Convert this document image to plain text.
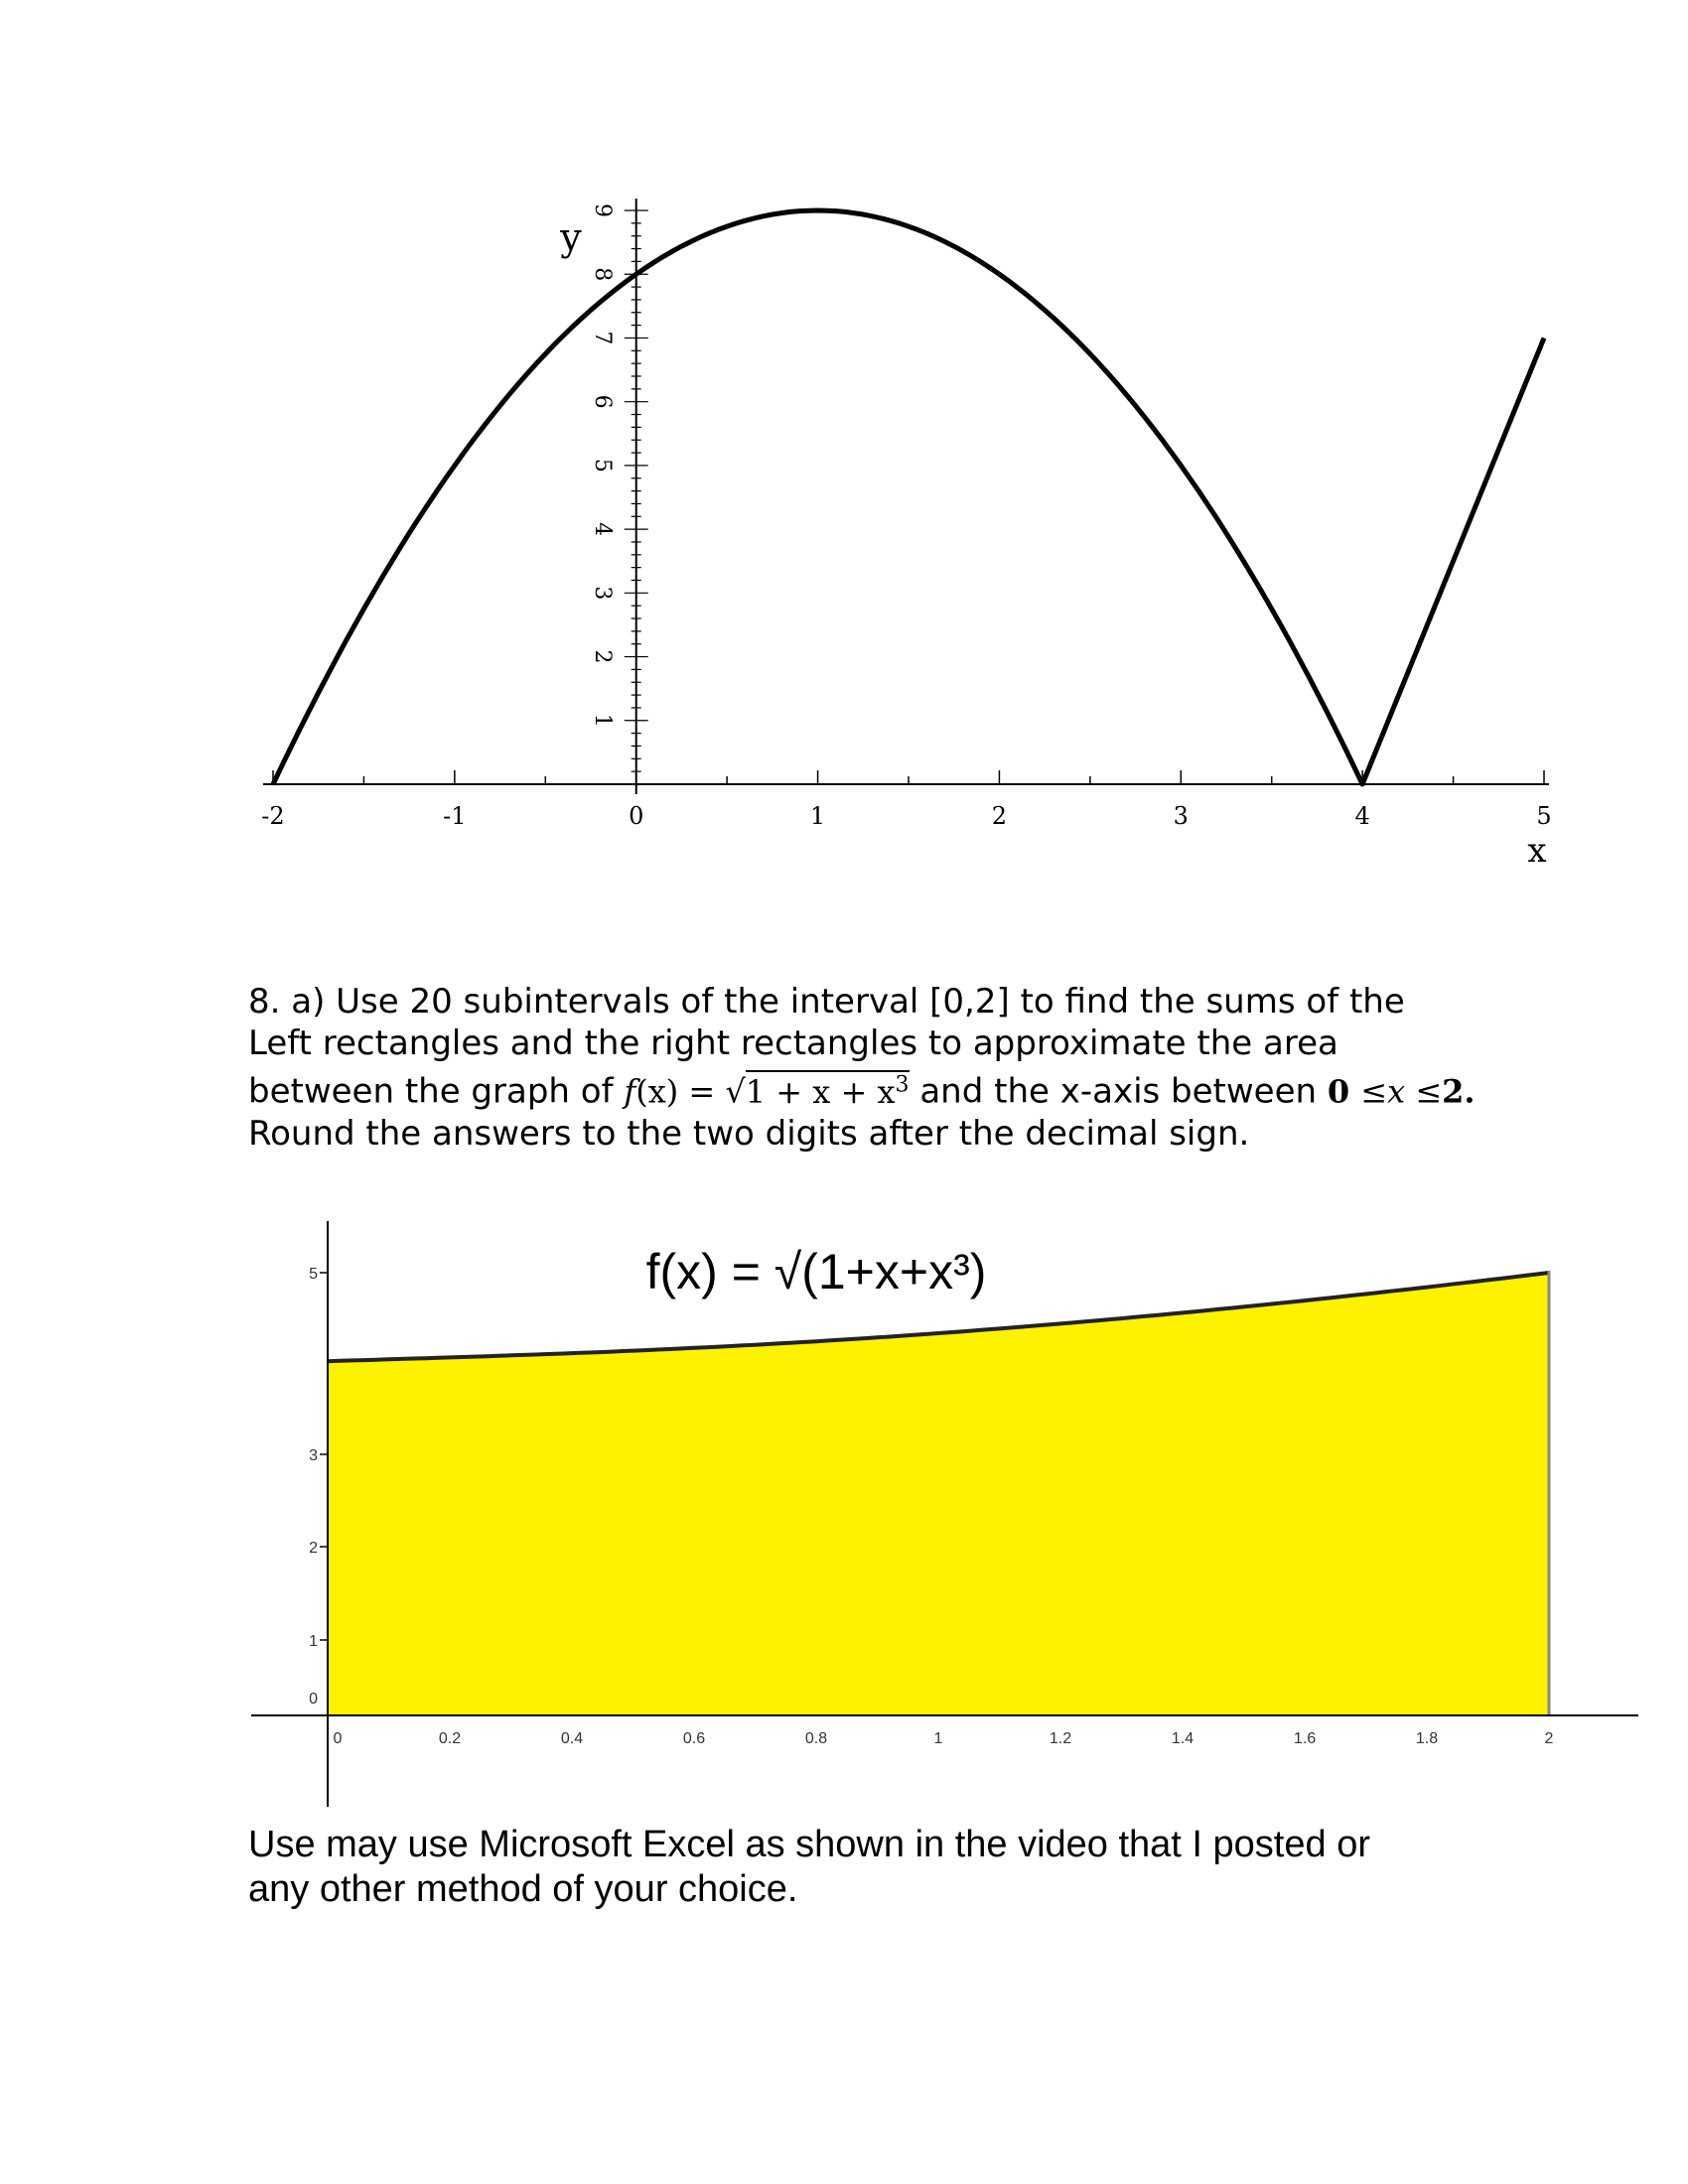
-2	-1	0	1	2	3	4	5
1
2
3
4
5
6
7
8
9
x
y
8. a) Use 20 subintervals of the interval [0,2] to find the sums of the
Left rectangles and the right rectangles to approximate the area
between the graph of $f(x) = √1 + x + x^3$ and the x-axis between 0 ≤x ≤2.
Round the answers to the two digits after the decimal sign.
0
1
2
3
5
0	0.2	0.4	0.6	0.8	1	1.2	1.4	1.6	1.8	2
f(x) = √(1+x+x³)
Use may use Microsoft Excel as shown in the video that I posted or
any other method of your choice.
